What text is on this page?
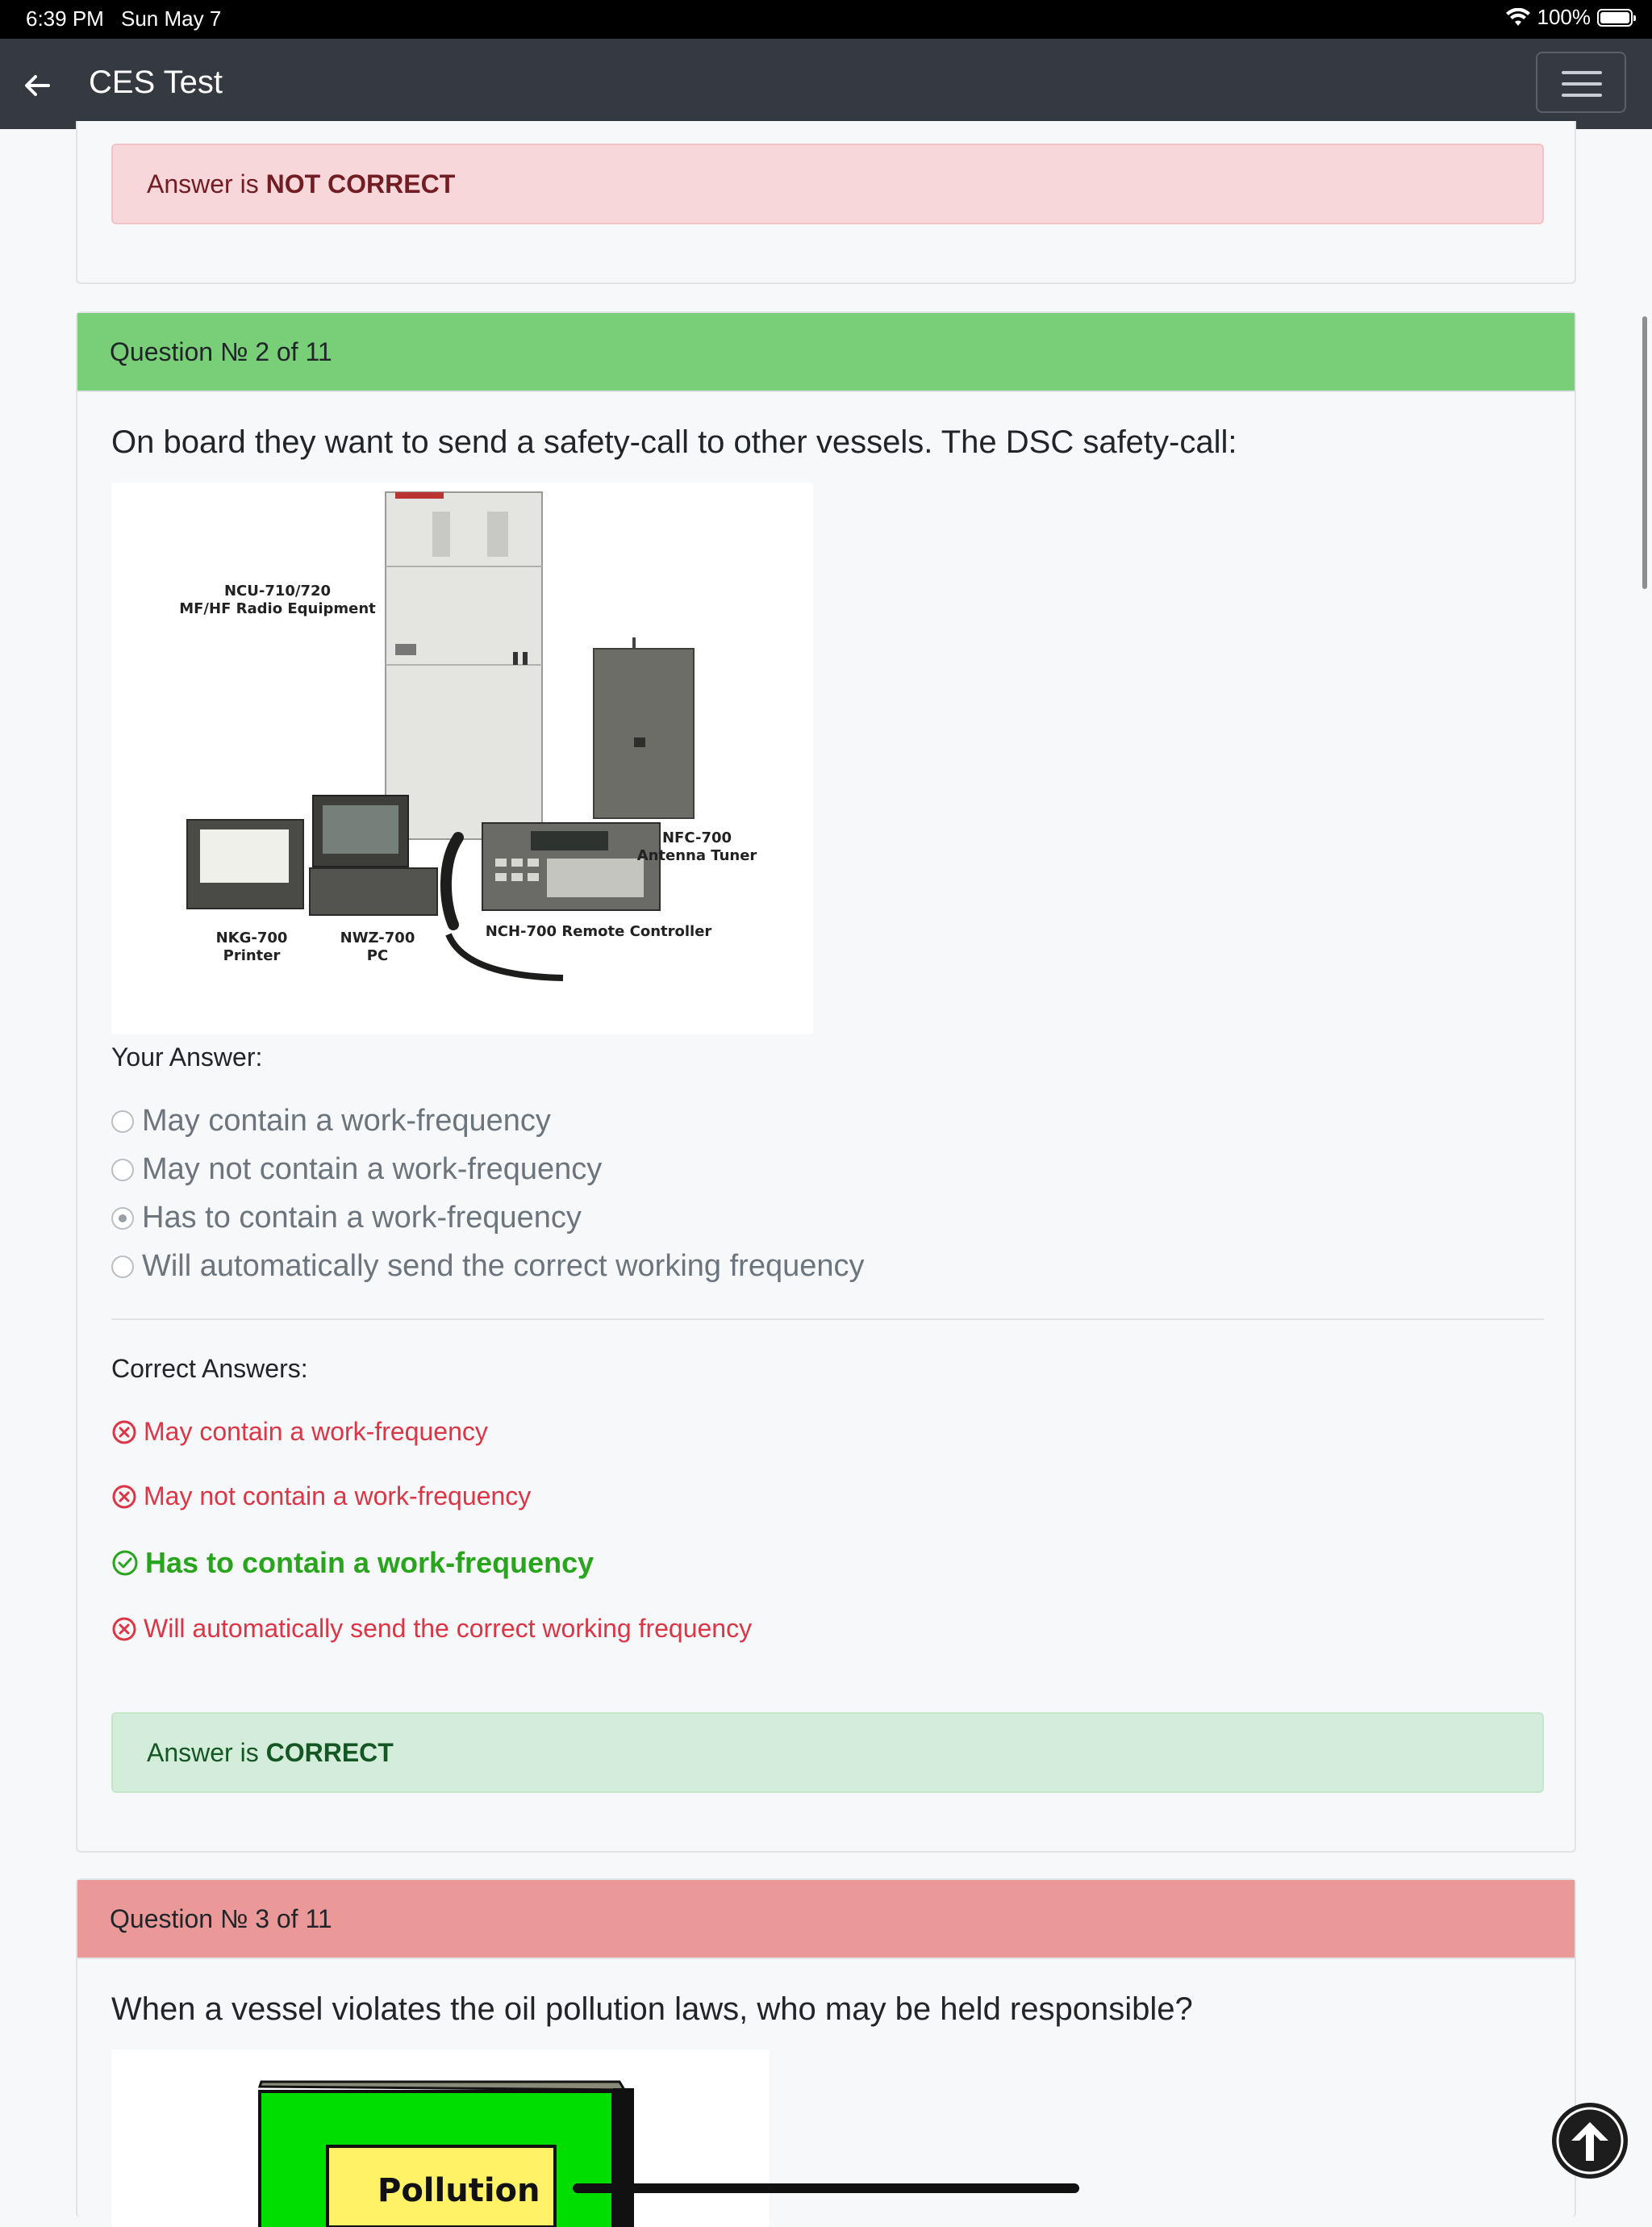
6:39 PM Sun May 7	100%
CES Test
Answer is NOT CORRECT
Question № 2 of 11
On board they want to send a safety-call to other vessels. The DSC safety-call:
NCU-710/720
MF/HF Radio Equipment
NFC-700
Antenna Tuner
NCH-700 Remote Controller
NKG-700
Printer
NWZ-700
PC
Your Answer:
May contain a work-frequency
May not contain a work-frequency
Has to contain a work-frequency
Will automatically send the correct working frequency
Correct Answers:
May contain a work-frequency
May not contain a work-frequency
Has to contain a work-frequency
Will automatically send the correct working frequency
Answer is CORRECT
Question № 3 of 11
When a vessel violates the oil pollution laws, who may be held responsible?
Pollution
